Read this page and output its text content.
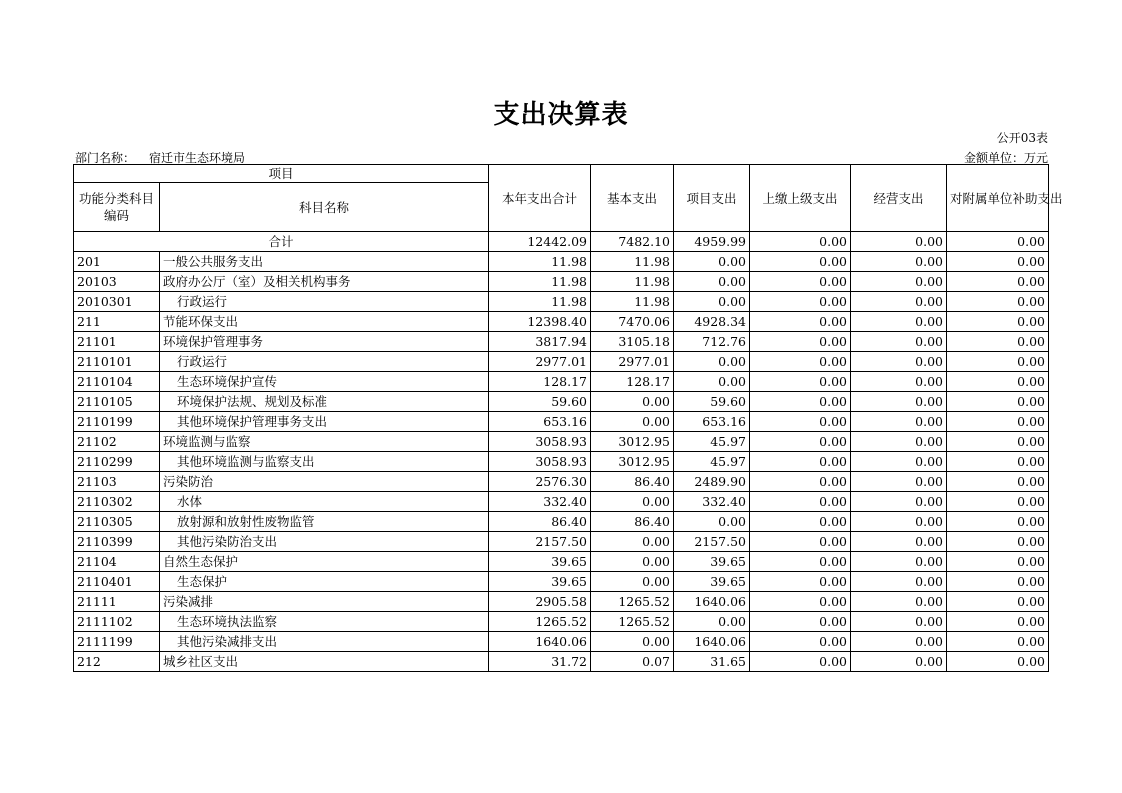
支出决算表
公开03表
部门名称： 宿迁市生态环境局	金额单位：万元
项目		本年支出合计	基本支出	项目支出	上缴上级支出	经营支出	对附属单位补助支出
功能分类科目编码	科目名称						
合计		12442.09	7482.10	4959.99	0.00	0.00	0.00
201	一般公共服务支出	11.98	11.98	0.00	0.00	0.00	0.00
20103	政府办公厅（室）及相关机构事务	11.98	11.98	0.00	0.00	0.00	0.00
2010301	行政运行	11.98	11.98	0.00	0.00	0.00	0.00
211	节能环保支出	12398.40	7470.06	4928.34	0.00	0.00	0.00
21101	环境保护管理事务	3817.94	3105.18	712.76	0.00	0.00	0.00
2110101	行政运行	2977.01	2977.01	0.00	0.00	0.00	0.00
2110104	生态环境保护宣传	128.17	128.17	0.00	0.00	0.00	0.00
2110105	环境保护法规、规划及标准	59.60	0.00	59.60	0.00	0.00	0.00
2110199	其他环境保护管理事务支出	653.16	0.00	653.16	0.00	0.00	0.00
21102	环境监测与监察	3058.93	3012.95	45.97	0.00	0.00	0.00
2110299	其他环境监测与监察支出	3058.93	3012.95	45.97	0.00	0.00	0.00
21103	污染防治	2576.30	86.40	2489.90	0.00	0.00	0.00
2110302	水体	332.40	0.00	332.40	0.00	0.00	0.00
2110305	放射源和放射性废物监管	86.40	86.40	0.00	0.00	0.00	0.00
2110399	其他污染防治支出	2157.50	0.00	2157.50	0.00	0.00	0.00
21104	自然生态保护	39.65	0.00	39.65	0.00	0.00	0.00
2110401	生态保护	39.65	0.00	39.65	0.00	0.00	0.00
21111	污染减排	2905.58	1265.52	1640.06	0.00	0.00	0.00
2111102	生态环境执法监察	1265.52	1265.52	0.00	0.00	0.00	0.00
2111199	其他污染减排支出	1640.06	0.00	1640.06	0.00	0.00	0.00
212	城乡社区支出	31.72	0.07	31.65	0.00	0.00	0.00
